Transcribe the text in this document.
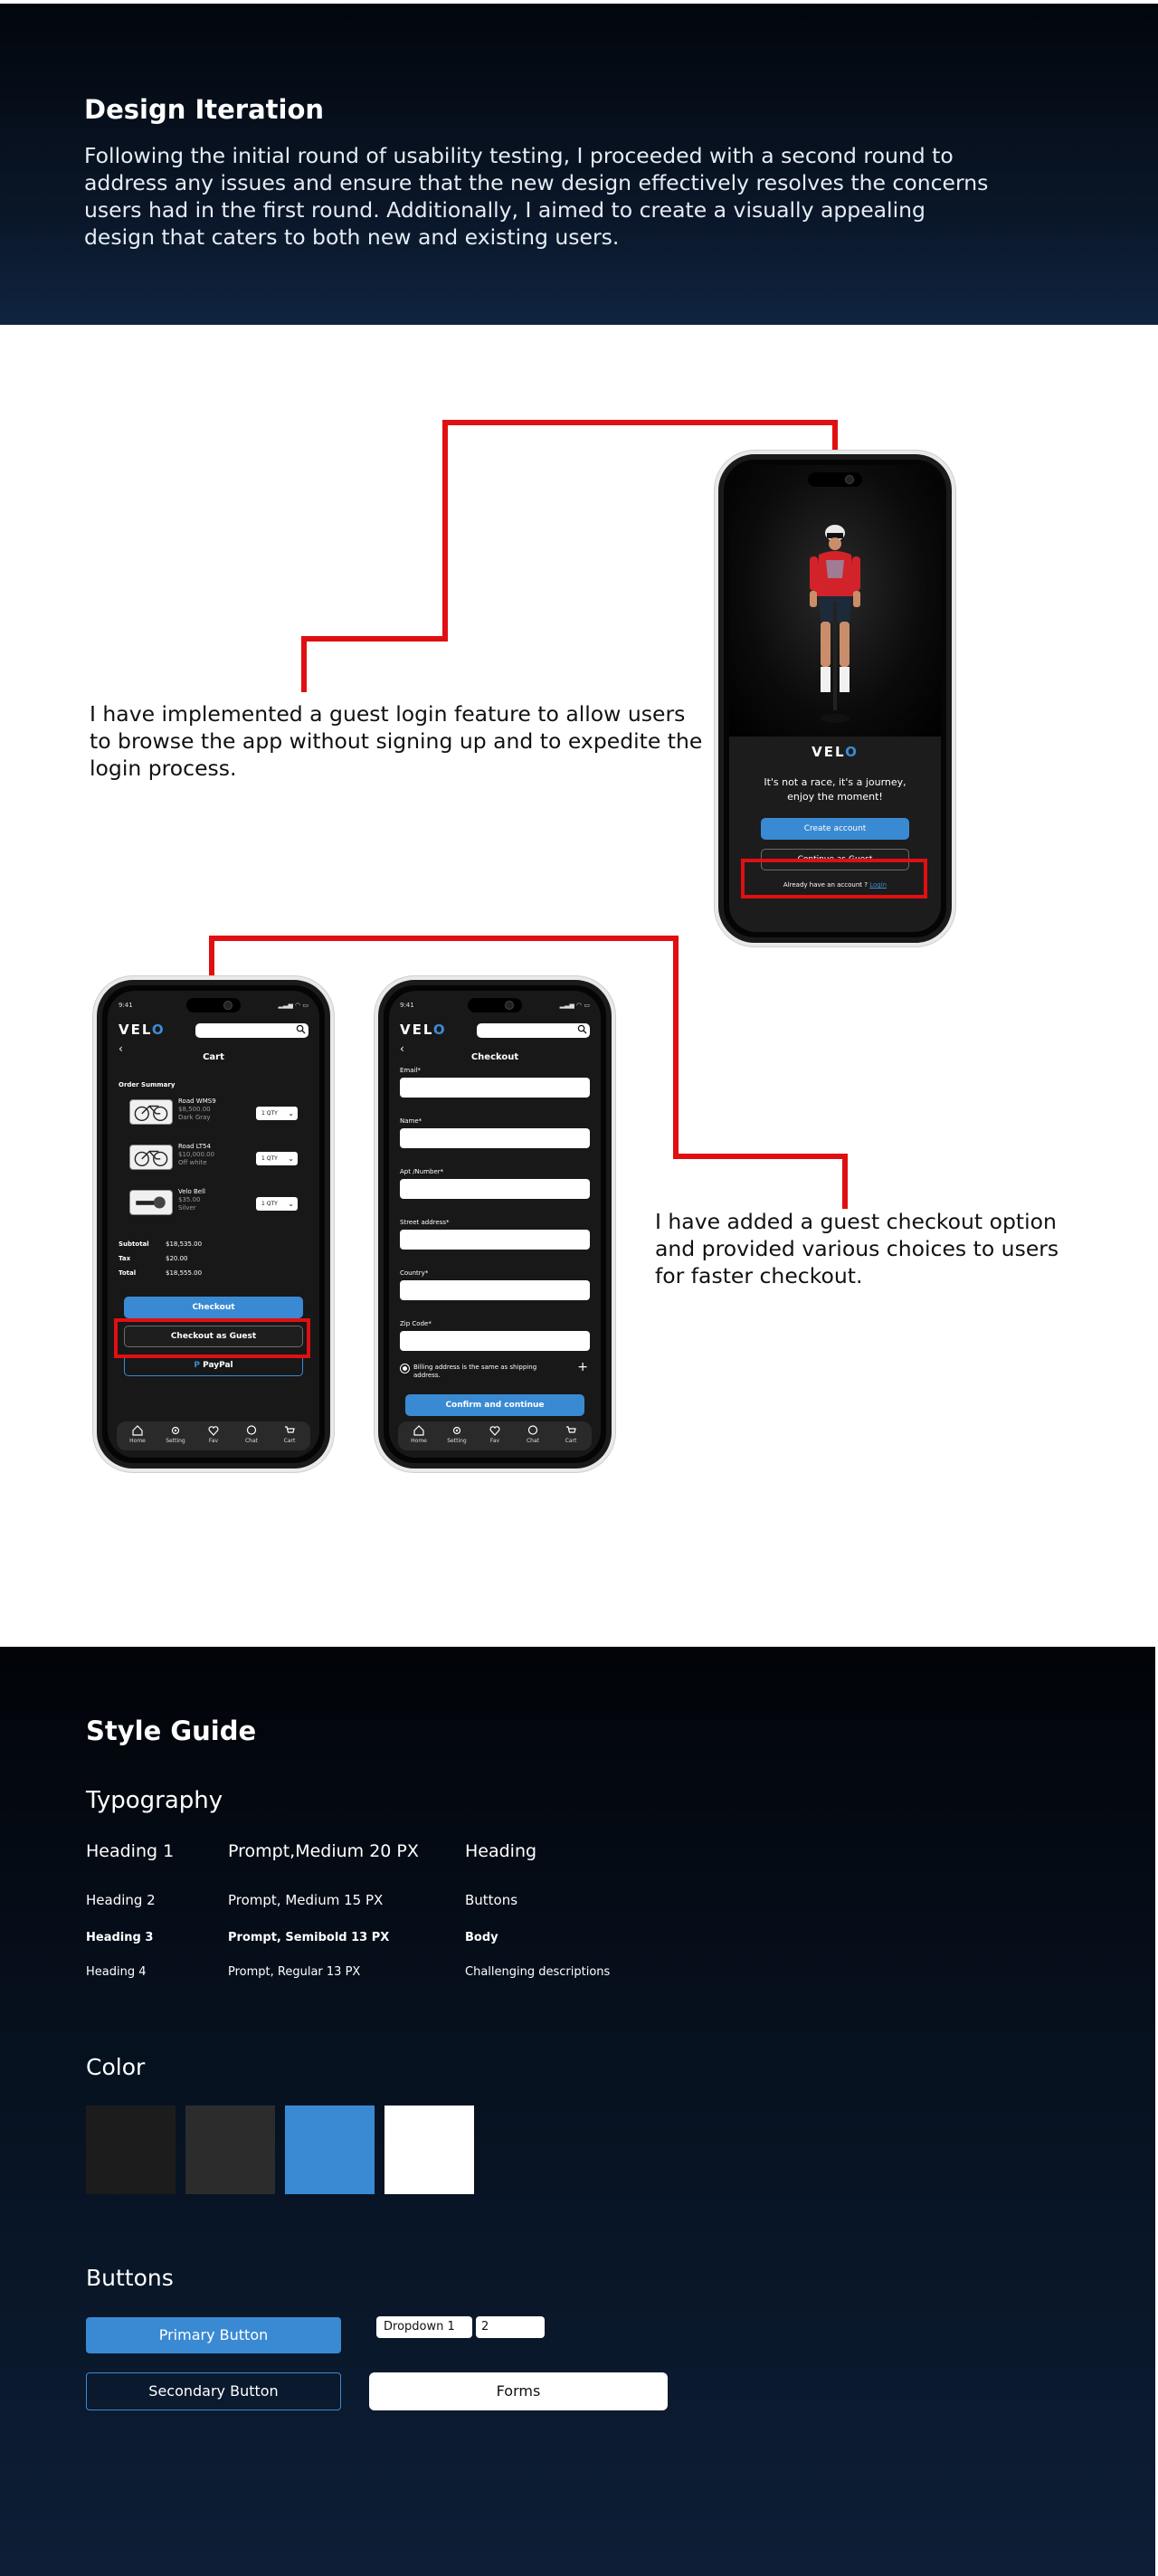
Design Iteration

Following the initial round of usability testing, I proceeded with a second round to address any issues and ensure that the new design effectively resolves the concerns users had in the first round. Additionally, I aimed to create a visually appealing design that caters to both new and existing users.

I have implemented a guest login feature to allow users to browse the app without signing up and to expedite the login process.
I have added a guest checkout option and provided various choices to users for faster checkout.
VELO
It's not a race, it's a journey,
enjoy the moment!
Create account
Continue as Guest
Already have an account ? Login
9:41	▂▃▅ ◠ ▭
VELO
‹
Cart
Order Summary
Road WMS9
$8,500.00
Dark Gray
1 QTY ⌄
Road LT54
$10,000.00
Off white
1 QTY ⌄
Velo Bell
$35.00
Silver
1 QTY ⌄
Subtotal	$18,535.00
Tax	$20.00
Total	$18,555.00
Checkout
Checkout as Guest
P PayPal
Home	Setting	Fav	Chat	Cart
9:41	▂▃▅ ◠ ▭
VELO
‹
Checkout
Email*
Name*
Apt /Number*
Street address*
Country*
Zip Code*
Billing address is the same as shipping address.
+
Confirm and continue
Home	Setting	Fav	Chat	Cart
Style Guide
Typography
Heading 1	Prompt,Medium 20 PX	Heading
Heading 2	Prompt, Medium 15 PX	Buttons
Heading 3	Prompt, Semibold 13 PX	Body
Heading 4	Prompt, Regular 13 PX	Challenging descriptions
Color
Buttons
Primary Button
Secondary Button
Dropdown 1	2
Forms
